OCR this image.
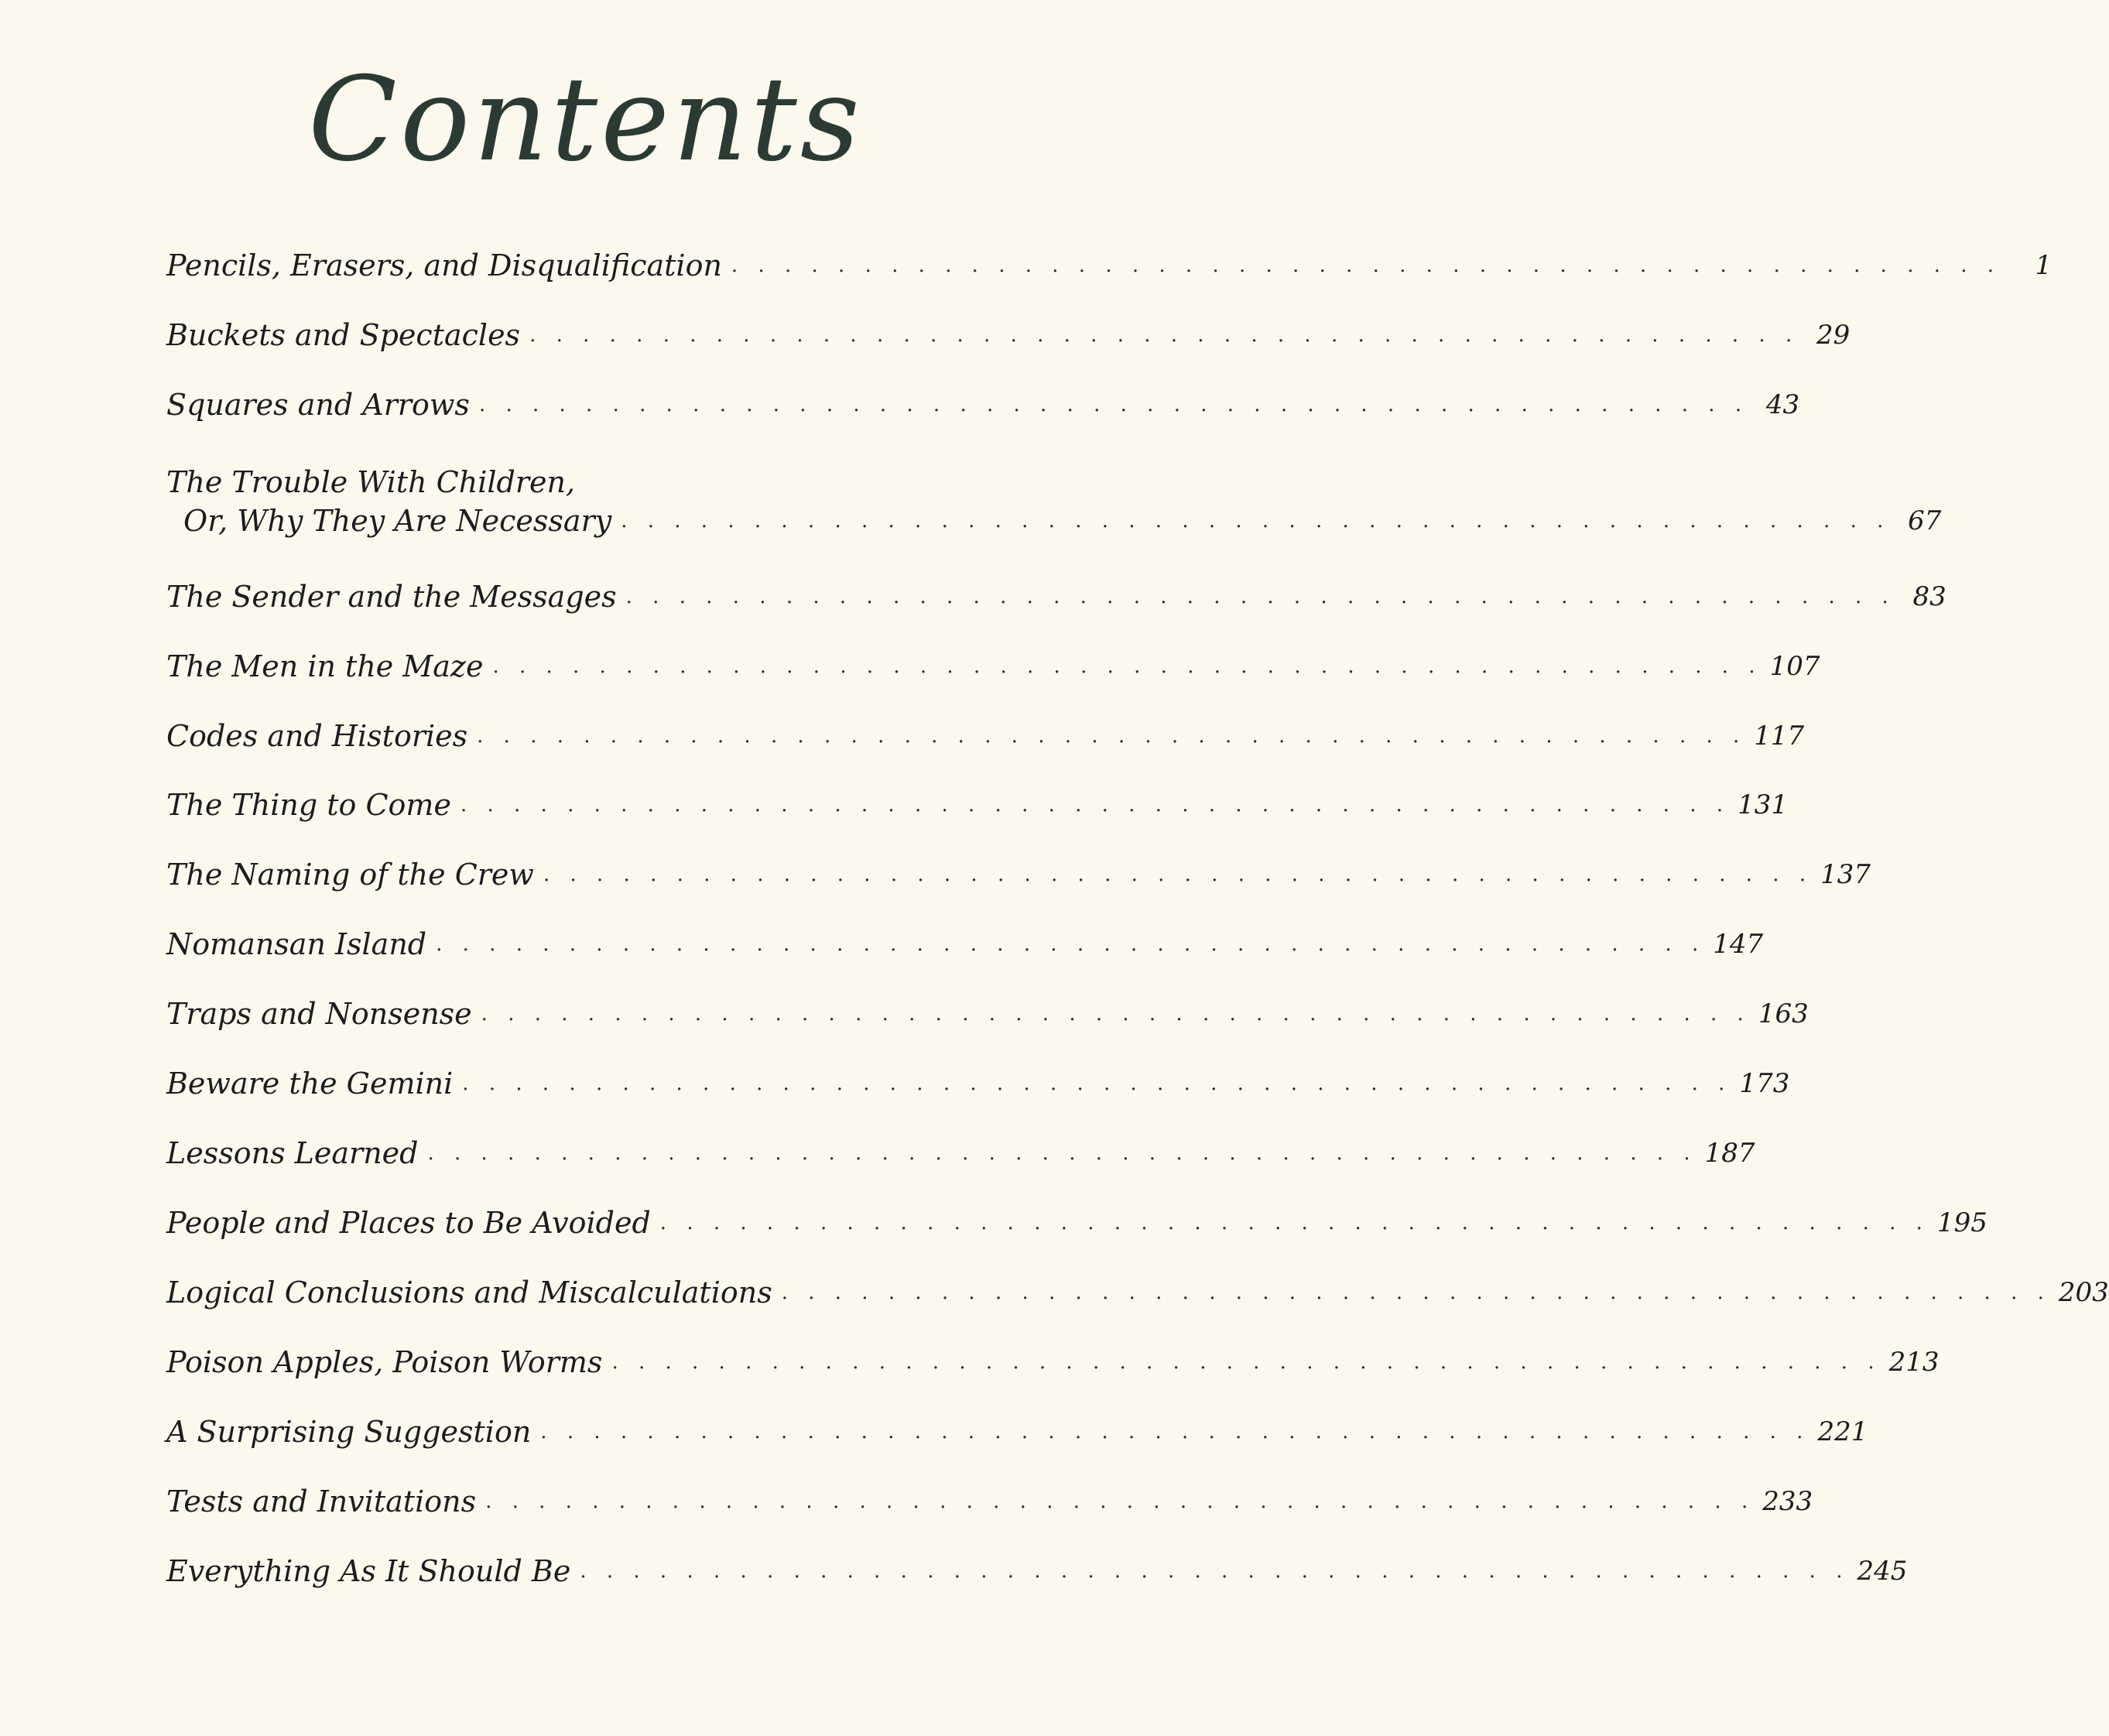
Contents
Pencils, Erasers, and Disqualification . . . . . . . . . . . . . . . . . . . . . . . . . . . . . . . . . . . . . . . . . . . . . . . .	1
Buckets and Spectacles . . . . . . . . . . . . . . . . . . . . . . . . . . . . . . . . . . . . . . . . . . . . . . . . 29
Squares and Arrows . . . . . . . . . . . . . . . . . . . . . . . . . . . . . . . . . . . . . . . . . . . . . . . . 43
The Trouble With Children,
Or, Why They Are Necessary . . . . . . . . . . . . . . . . . . . . . . . . . . . . . . . . . . . . . . . . . . . . . . . . 67
The Sender and the Messages . . . . . . . . . . . . . . . . . . . . . . . . . . . . . . . . . . . . . . . . . . . . . . . . 83
The Men in the Maze . . . . . . . . . . . . . . . . . . . . . . . . . . . . . . . . . . . . . . . . . . . . . . . . 107
Codes and Histories . . . . . . . . . . . . . . . . . . . . . . . . . . . . . . . . . . . . . . . . . . . . . . . . 117
The Thing to Come . . . . . . . . . . . . . . . . . . . . . . . . . . . . . . . . . . . . . . . . . . . . . . . . 131
The Naming of the Crew . . . . . . . . . . . . . . . . . . . . . . . . . . . . . . . . . . . . . . . . . . . . . . . . 137
Nomansan Island . . . . . . . . . . . . . . . . . . . . . . . . . . . . . . . . . . . . . . . . . . . . . . . . 147
Traps and Nonsense . . . . . . . . . . . . . . . . . . . . . . . . . . . . . . . . . . . . . . . . . . . . . . . . 163
Beware the Gemini . . . . . . . . . . . . . . . . . . . . . . . . . . . . . . . . . . . . . . . . . . . . . . . . 173
Lessons Learned . . . . . . . . . . . . . . . . . . . . . . . . . . . . . . . . . . . . . . . . . . . . . . . . 187
People and Places to Be Avoided . . . . . . . . . . . . . . . . . . . . . . . . . . . . . . . . . . . . . . . . . . . . . . . . 195
Logical Conclusions and Miscalculations . . . . . . . . . . . . . . . . . . . . . . . . . . . . . . . . . . . . . . . . . . . . . . . . 203
Poison Apples, Poison Worms . . . . . . . . . . . . . . . . . . . . . . . . . . . . . . . . . . . . . . . . . . . . . . . . 213
A Surprising Suggestion . . . . . . . . . . . . . . . . . . . . . . . . . . . . . . . . . . . . . . . . . . . . . . . . 221
Tests and Invitations . . . . . . . . . . . . . . . . . . . . . . . . . . . . . . . . . . . . . . . . . . . . . . . . 233
Everything As It Should Be . . . . . . . . . . . . . . . . . . . . . . . . . . . . . . . . . . . . . . . . . . . . . . . . 245
